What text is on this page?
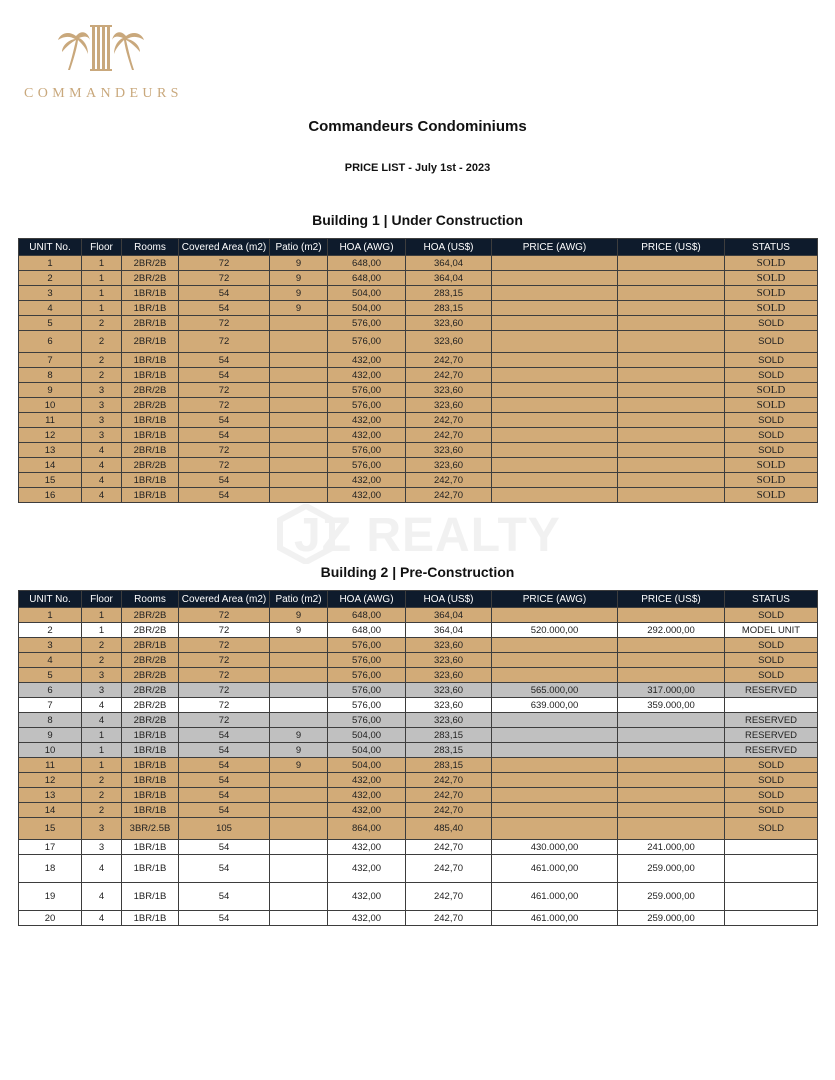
COMMANDEURS
JZ REALTY
Commandeurs Condominiums
PRICE LIST - July 1st - 2023
Building 1 | Under Construction
Building 2 | Pre-Construction
UNIT No.	Floor	Rooms	Covered Area (m2)	Patio (m2)	HOA (AWG)	HOA (US$)	PRICE (AWG)	PRICE (US$)	STATUS
1	1	2BR/2B	72	9	648,00	364,04			SOLD
2	1	2BR/2B	72	9	648,00	364,04			SOLD
3	1	1BR/1B	54	9	504,00	283,15			SOLD
4	1	1BR/1B	54	9	504,00	283,15			SOLD
5	2	2BR/1B	72		576,00	323,60			SOLD
6	2	2BR/1B	72		576,00	323,60			SOLD
7	2	1BR/1B	54		432,00	242,70			SOLD
8	2	1BR/1B	54		432,00	242,70			SOLD
9	3	2BR/2B	72		576,00	323,60			SOLD
10	3	2BR/2B	72		576,00	323,60			SOLD
11	3	1BR/1B	54		432,00	242,70			SOLD
12	3	1BR/1B	54		432,00	242,70			SOLD
13	4	2BR/1B	72		576,00	323,60			SOLD
14	4	2BR/2B	72		576,00	323,60			SOLD
15	4	1BR/1B	54		432,00	242,70			SOLD
16	4	1BR/1B	54		432,00	242,70			SOLD
UNIT No.	Floor	Rooms	Covered Area (m2)	Patio (m2)	HOA (AWG)	HOA (US$)	PRICE (AWG)	PRICE (US$)	STATUS
1	1	2BR/2B	72	9	648,00	364,04			SOLD
2	1	2BR/2B	72	9	648,00	364,04	520.000,00	292.000,00	MODEL UNIT
3	2	2BR/1B	72		576,00	323,60			SOLD
4	2	2BR/2B	72		576,00	323,60			SOLD
5	3	2BR/2B	72		576,00	323,60			SOLD
6	3	2BR/2B	72		576,00	323,60	565.000,00	317.000,00	RESERVED
7	4	2BR/2B	72		576,00	323,60	639.000,00	359.000,00	
8	4	2BR/2B	72		576,00	323,60			RESERVED
9	1	1BR/1B	54	9	504,00	283,15			RESERVED
10	1	1BR/1B	54	9	504,00	283,15			RESERVED
11	1	1BR/1B	54	9	504,00	283,15			SOLD
12	2	1BR/1B	54		432,00	242,70			SOLD
13	2	1BR/1B	54		432,00	242,70			SOLD
14	2	1BR/1B	54		432,00	242,70			SOLD
15	3	3BR/2.5B	105		864,00	485,40			SOLD
17	3	1BR/1B	54		432,00	242,70	430.000,00	241.000,00	
18	4	1BR/1B	54		432,00	242,70	461.000,00	259.000,00	
19	4	1BR/1B	54		432,00	242,70	461.000,00	259.000,00	
20	4	1BR/1B	54		432,00	242,70	461.000,00	259.000,00	
